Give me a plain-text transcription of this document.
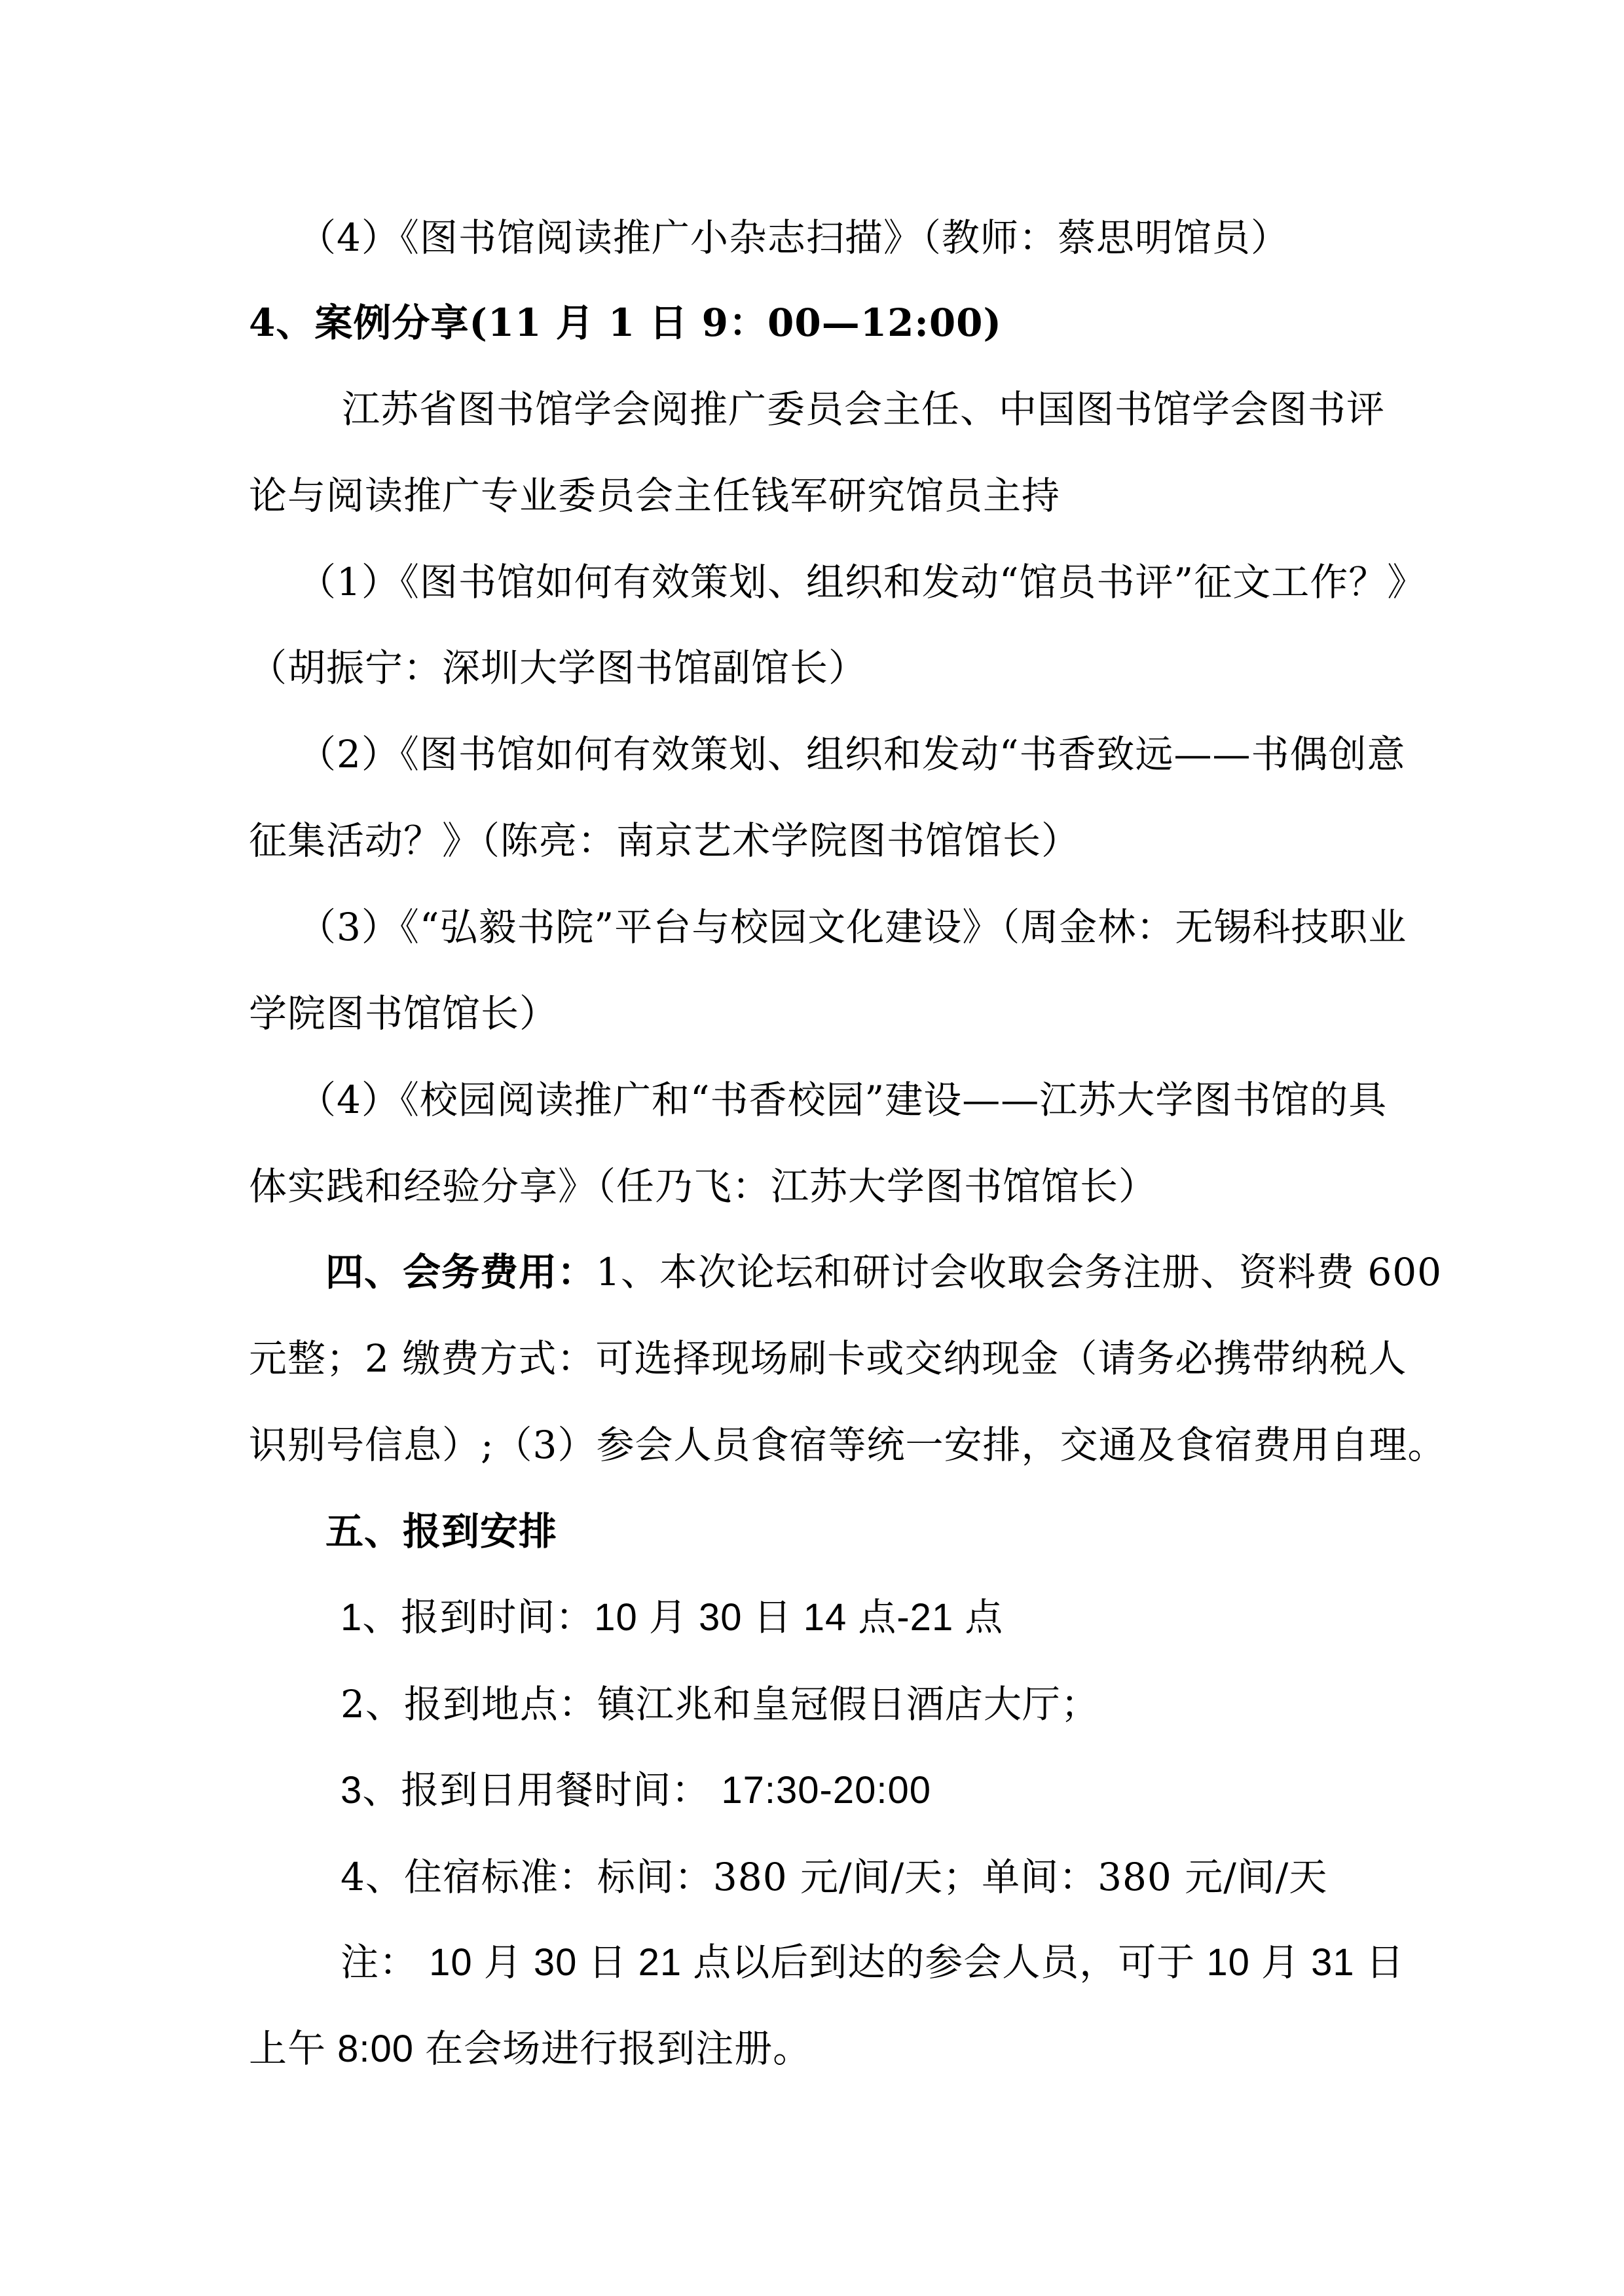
（4）《图书馆阅读推广小杂志扫描》（教师：蔡思明馆员）
4、案例分享(11 月 1 日 9：00—12:00)
江苏省图书馆学会阅推广委员会主任、中国图书馆学会图书评
论与阅读推广专业委员会主任钱军研究馆员主持
（1）《图书馆如何有效策划、组织和发动“馆员书评”征文工作？》
（胡振宁：深圳大学图书馆副馆长）
（2）《图书馆如何有效策划、组织和发动“书香致远——书偶创意
征集活动？》（陈亮：南京艺术学院图书馆馆长）
（3）《“弘毅书院”平台与校园文化建设》（周金林：无锡科技职业
学院图书馆馆长）
（4）《校园阅读推广和“书香校园”建设——江苏大学图书馆的具
体实践和经验分享》（任乃飞：江苏大学图书馆馆长）
四、会务费用：1、本次论坛和研讨会收取会务注册、资料费 600
元整；2 缴费方式：可选择现场刷卡或交纳现金（请务必携带纳税人
识别号信息）;（3）参会人员食宿等统一安排，交通及食宿费用自理。
五、报到安排
1、报到时间：10 月 30 日 14 点-21 点
2、报到地点：镇江兆和皇冠假日酒店大厅；
3、报到日用餐时间： 17:30-20:00
4、住宿标准：标间：380 元/间/天；单间：380 元/间/天
注： 10 月 30 日 21 点以后到达的参会人员，可于 10 月 31 日
上午 8:00 在会场进行报到注册。
